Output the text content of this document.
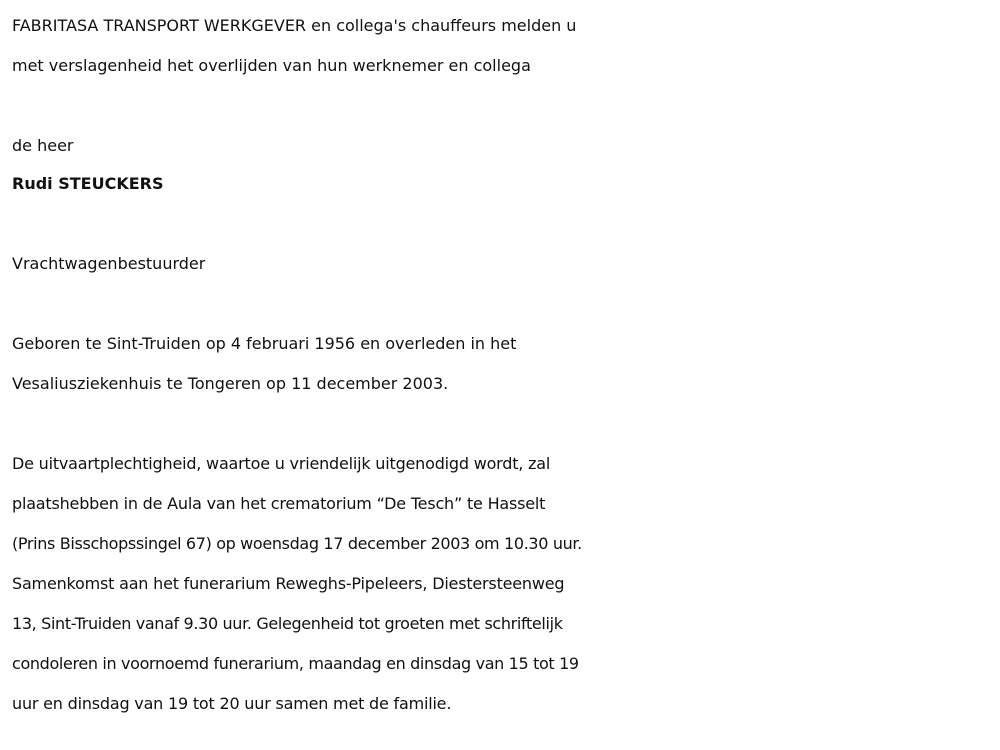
FABRITASA TRANSPORT WERKGEVER en collega's chauffeurs melden u
met verslagenheid het overlijden van hun werknemer en collega
de heer
Rudi STEUCKERS
Vrachtwagenbestuurder
Geboren te Sint-Truiden op 4 februari 1956 en overleden in het
Vesaliusziekenhuis te Tongeren op 11 december 2003.
De uitvaartplechtigheid, waartoe u vriendelijk uitgenodigd wordt, zal
plaatshebben in de Aula van het crematorium “De Tesch” te Hasselt
(Prins Bisschopssingel 67) op woensdag 17 december 2003 om 10.30 uur.
Samenkomst aan het funerarium Reweghs-Pipeleers, Diestersteenweg
13, Sint-Truiden vanaf 9.30 uur. Gelegenheid tot groeten met schriftelijk
condoleren in voornoemd funerarium, maandag en dinsdag van 15 tot 19
uur en dinsdag van 19 tot 20 uur samen met de familie.
